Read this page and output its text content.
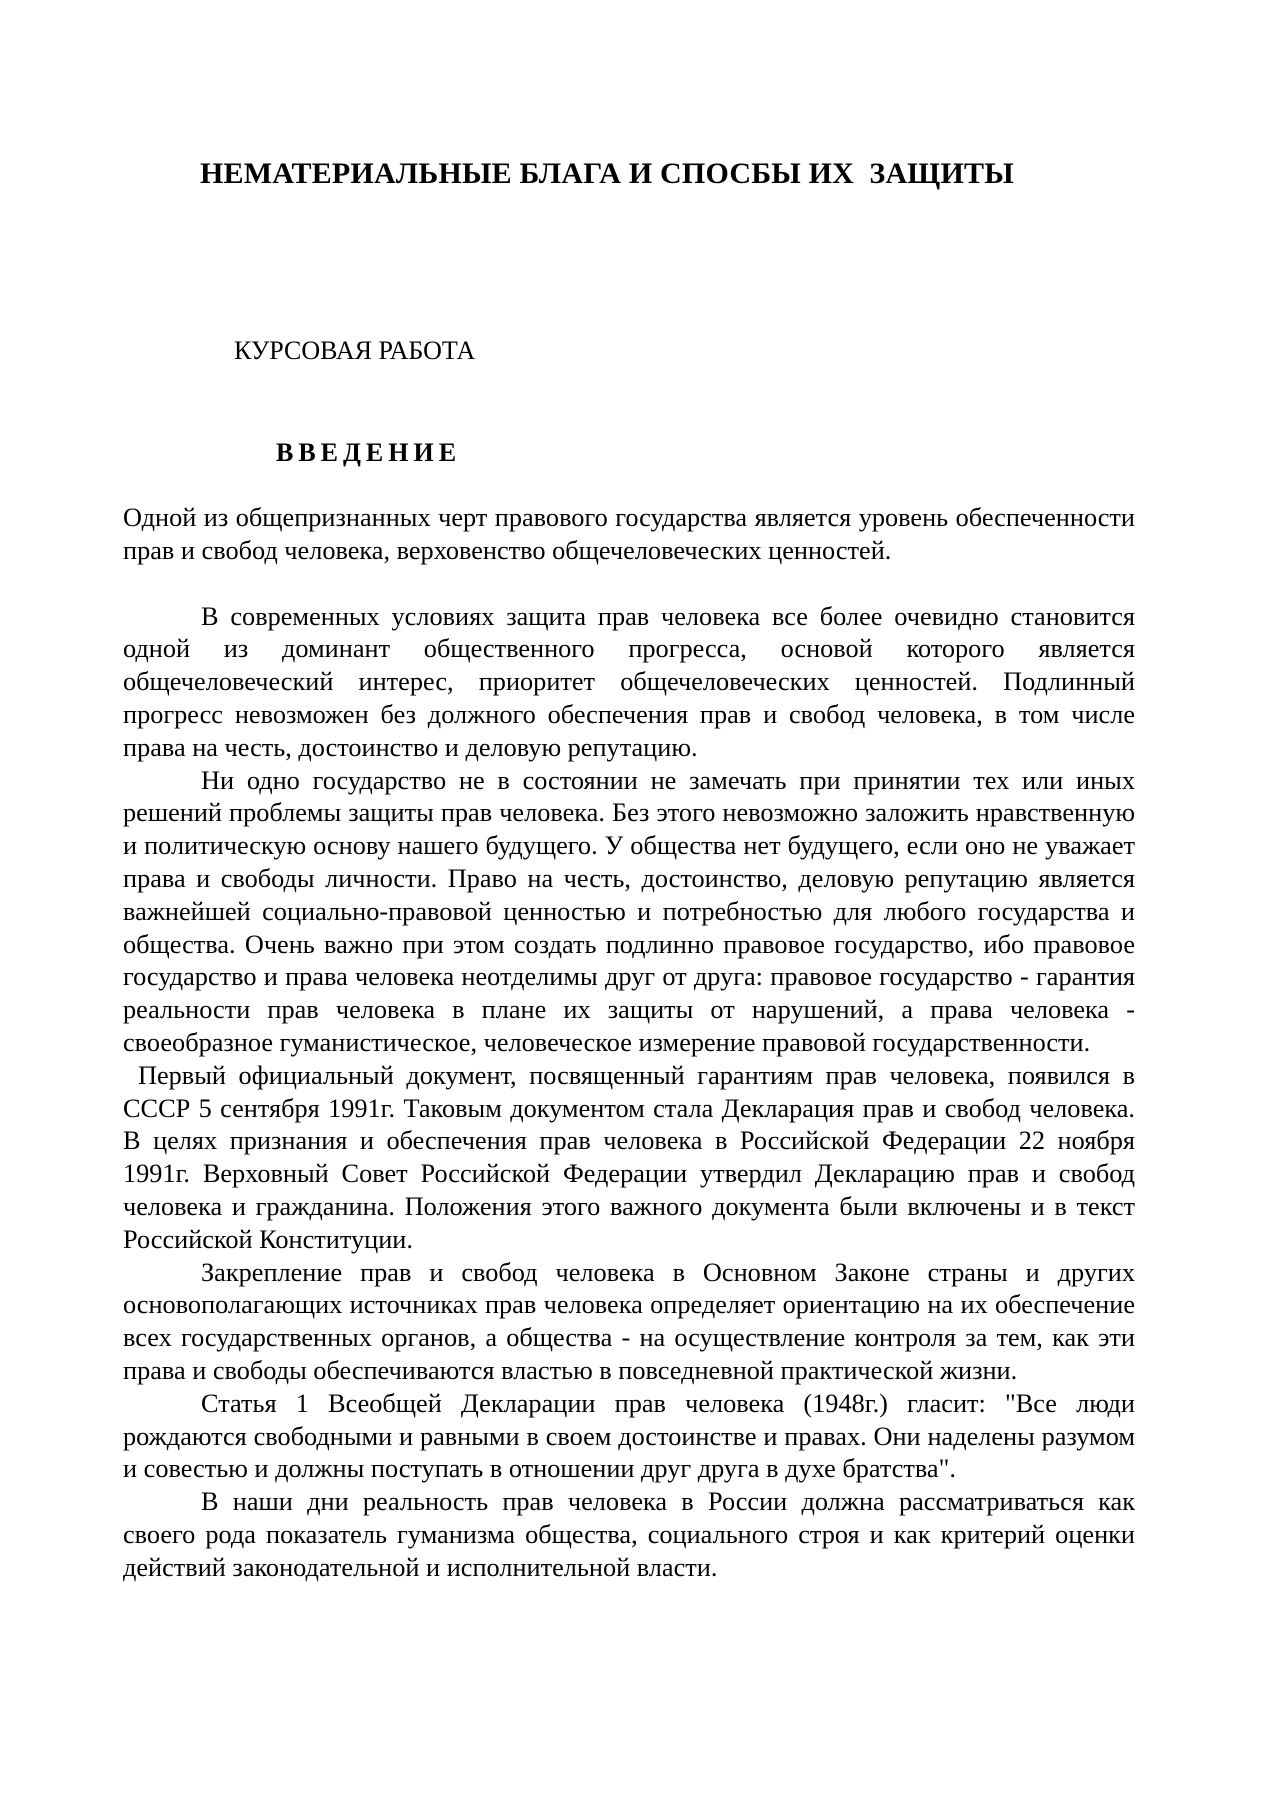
НЕМАТЕРИАЛЬНЫЕ БЛАГА И СПОСБЫ ИХ  ЗАЩИТЫ
КУРСОВАЯ РАБОТА
ВВЕДЕНИЕ

Одной из общепризнанных черт правового государства является уровень обеспеченности прав и свобод человека, верховенство общечеловеческих ценностей.

В современных условиях защита прав человека все более очевидно становится одной из доминант общественного прогресса, основой которого является общечеловеческий интерес, приоритет общечеловеческих ценностей. Подлинный прогресс невозможен без должного обеспечения прав и свобод человека, в том числе права на честь, достоинство и деловую репутацию.

Ни одно государство не в состоянии не замечать при принятии тех или иных решений проблемы защиты прав человека. Без этого невозможно заложить нравственную и политическую основу нашего будущего. У общества нет будущего, если оно не уважает права и свободы личности. Право на честь, достоинство, деловую репутацию является важнейшей социально-правовой ценностью и потребностью для любого государства и общества. Очень важно при этом создать подлинно правовое государство, ибо правовое государство и права человека неотделимы друг от друга: правовое государство - гарантия реальности прав человека в плане их защиты от нарушений, а права человека - своеобразное гуманистическое, человеческое измерение правовой государственности.

Первый официальный документ, посвященный гарантиям прав человека, появился в СССР 5 сентября 1991г. Таковым документом стала Декларация прав и свобод человека. В целях признания и обеспечения прав человека в Российской Федерации 22 ноября 1991г. Верховный Совет Российской Федерации утвердил Декларацию прав и свобод человека и гражданина. Положения этого важного документа были включены и в текст Российской Конституции.

Закрепление прав и свобод человека в Основном Законе страны и других основополагающих источниках прав человека определяет ориентацию на их обеспечение всех государственных органов, а общества - на осуществление контроля за тем, как эти права и свободы обеспечиваются властью в повседневной практической жизни.

Статья 1 Всеобщей Декларации прав человека (1948г.) гласит: "Все люди рождаются свободными и равными в своем достоинстве и правах. Они наделены разумом и совестью и должны поступать в отношении друг друга в духе братства".

В наши дни реальность прав человека в России должна рассматриваться как своего рода показатель гуманизма общества, социального строя и как критерий оценки действий законодательной и исполнительной власти.
